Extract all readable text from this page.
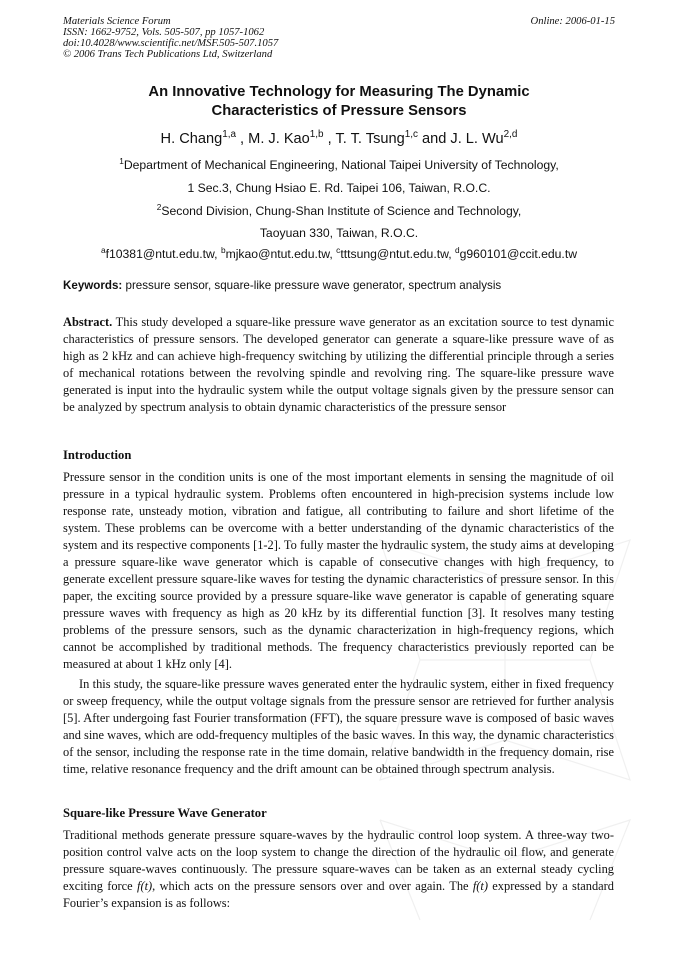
Materials Science Forum
ISSN: 1662-9752, Vols. 505-507, pp 1057-1062
doi:10.4028/www.scientific.net/MSF.505-507.1057
© 2006 Trans Tech Publications Ltd, Switzerland
Online: 2006-01-15
An Innovative Technology for Measuring The Dynamic
Characteristics of Pressure Sensors
H. Chang$^{1,a}$ , M. J. Kao$^{1,b}$ , T. T. Tsung$^{1,c}$ and J. L. Wu$^{2,d}$
$^1$Department of Mechanical Engineering, National Taipei University of Technology,
1 Sec.3, Chung Hsiao E. Rd. Taipei 106, Taiwan, R.O.C.
$^2$Second Division, Chung-Shan Institute of Science and Technology,
Taoyuan 330, Taiwan, R.O.C.
$^a$f10381@ntut.edu.tw, $^b$mjkao@ntut.edu.tw, $^c$tttsung@ntut.edu.tw, $^d$g960101@ccit.edu.tw
Keywords: pressure sensor, square-like pressure wave generator, spectrum analysis
Abstract. This study developed a square-like pressure wave generator as an excitation source to test dynamic characteristics of pressure sensors. The developed generator can generate a square-like pressure wave of as high as 2 kHz and can achieve high-frequency switching by utilizing the differential principle through a series of mechanical rotations between the revolving spindle and revolving ring. The square-like pressure wave generated is input into the hydraulic system while the output voltage signals given by the pressure sensor can be analyzed by spectrum analysis to obtain dynamic characteristics of the pressure sensor
Introduction
Pressure sensor in the condition units is one of the most important elements in sensing the magnitude of oil pressure in a typical hydraulic system. Problems often encountered in high-precision systems include low response rate, unsteady motion, vibration and fatigue, all contributing to failure and short lifetime of the system. These problems can be overcome with a better understanding of the dynamic characteristics of the system and its respective components [1-2]. To fully master the hydraulic system, the study aims at developing a pressure square-like wave generator which is capable of consecutive changes with high frequency, to generate excellent pressure square-like waves for testing the dynamic characteristics of pressure sensor. In this paper, the exciting source provided by a pressure square-like wave generator is capable of generating square pressure waves with frequency as high as 20 kHz by its differential function [3]. It resolves many testing problems of the pressure sensors, such as the dynamic characterization in high-frequency regions, which cannot be accomplished by traditional methods. The frequency characteristics previously reported can be measured at about 1 kHz only [4].
In this study, the square-like pressure waves generated enter the hydraulic system, either in fixed frequency or sweep frequency, while the output voltage signals from the pressure sensor are retrieved for further analysis [5]. After undergoing fast Fourier transformation (FFT), the square pressure wave is composed of basic waves and sine waves, which are odd-frequency multiples of the basic waves. In this way, the dynamic characteristics of the sensor, including the response rate in the time domain, relative bandwidth in the frequency domain, rise time, relative resonance frequency and the drift amount can be obtained through spectrum analysis.
Square-like Pressure Wave Generator
Traditional methods generate pressure square-waves by the hydraulic control loop system. A three-way two-position control valve acts on the loop system to change the direction of the hydraulic oil flow, and generate pressure square-waves continuously. The pressure square-waves can be taken as an external steady cycling exciting force f(t), which acts on the pressure sensors over and over again. The f(t) expressed by a standard Fourier’s expansion is as follows:
